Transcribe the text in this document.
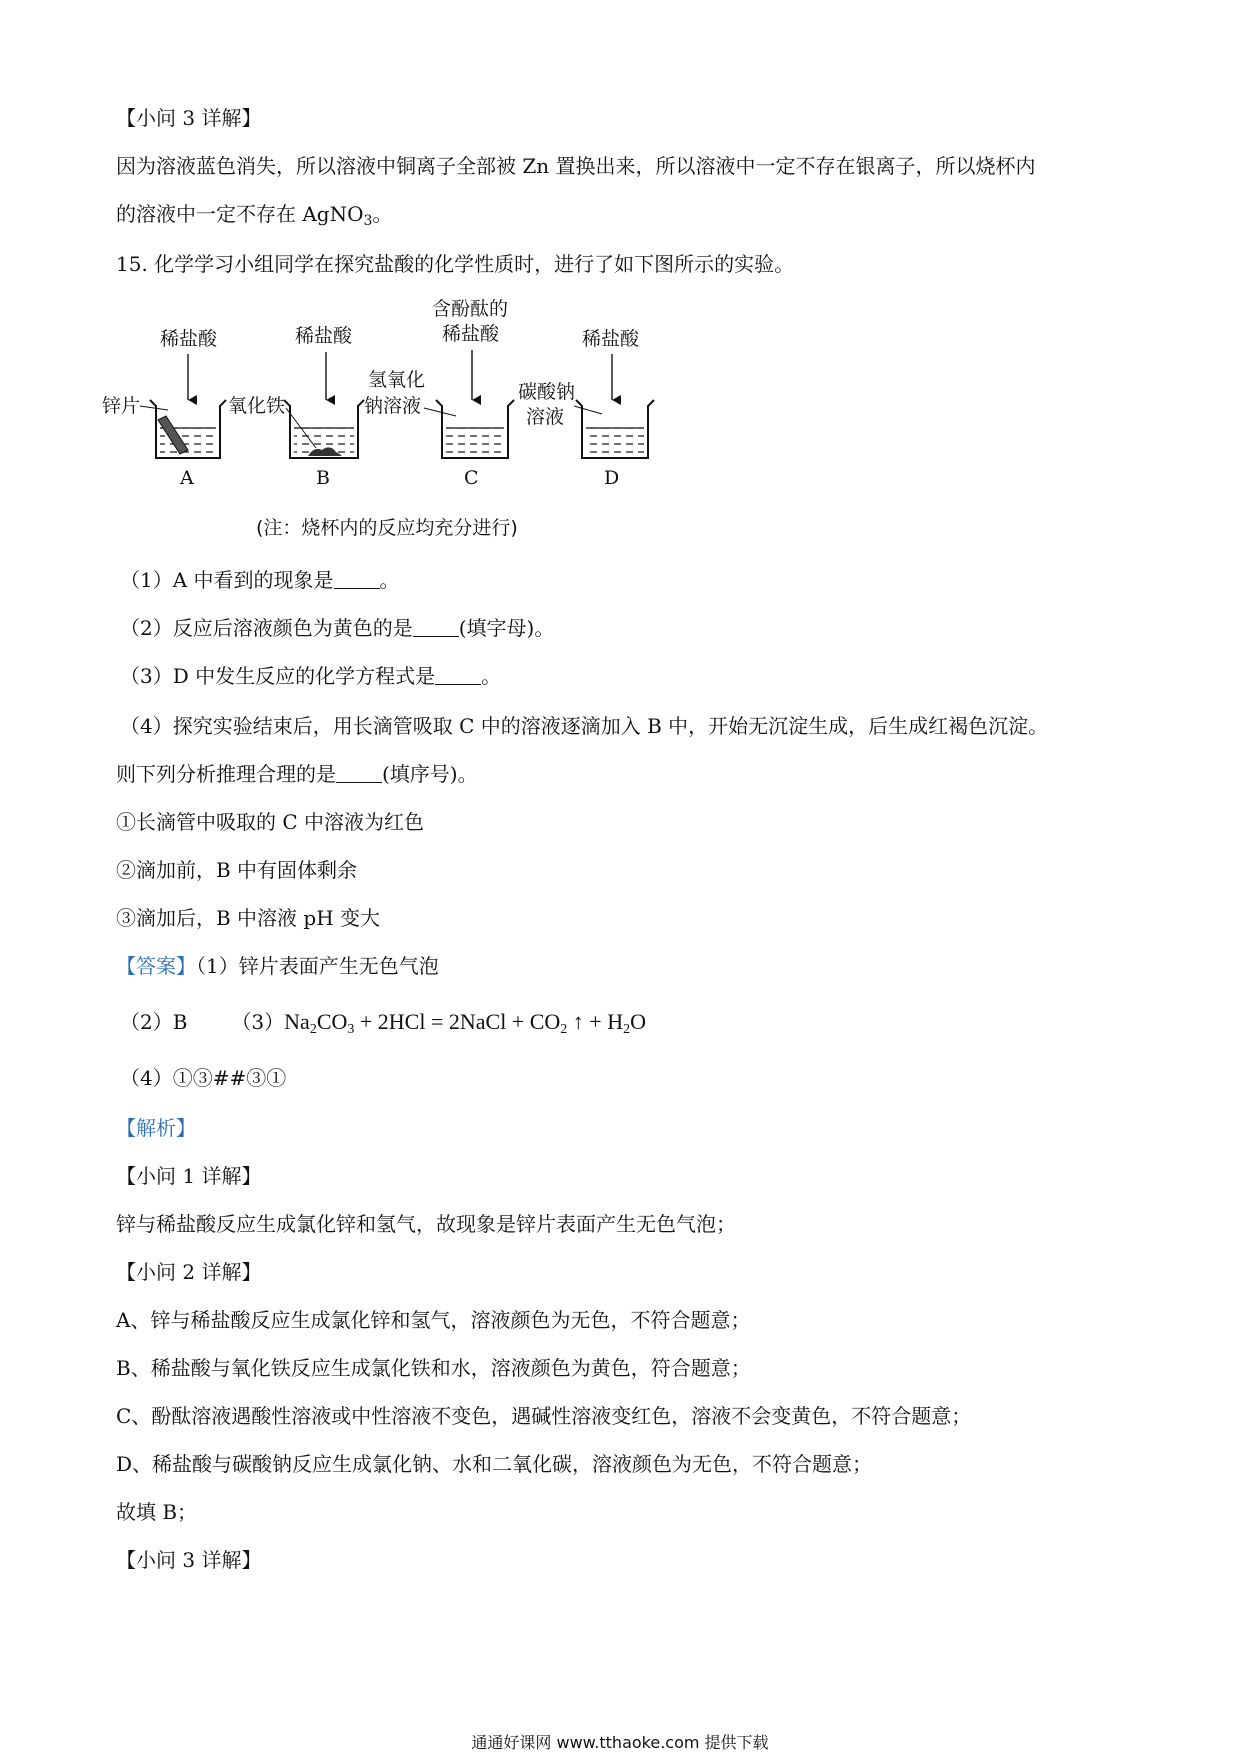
【小问 3 详解】
因为溶液蓝色消失，所以溶液中铜离子全部被 Zn 置换出来，所以溶液中一定不存在银离子，所以烧杯内
的溶液中一定不存在 AgNO$_3$。
15. 化学学习小组同学在探究盐酸的化学性质时，进行了如下图所示的实验。
稀盐酸	稀盐酸
含酚酞的
稀盐酸	稀盐酸
锌片	氧化铁
氢氧化
钠溶液
碳酸钠
溶液
A	B	C	D
(注：烧杯内的反应均充分进行)
（1）A 中看到的现象是 。
（2）反应后溶液颜色为黄色的是 (填字母)。
（3）D 中发生反应的化学方程式是 。
（4）探究实验结束后，用长滴管吸取 C 中的溶液逐滴加入 B 中，开始无沉淀生成，后生成红褐色沉淀。
则下列分析推理合理的是 (填序号)。
①长滴管中吸取的 C 中溶液为红色
②滴加前，B 中有固体剩余
③滴加后，B 中溶液 pH 变大
【答案】（1）锌片表面产生无色气泡
（2）B $(3)Na_2CO_3 + 2HCl$ = 2NaCl + $CO_2$ ↑ + $H_2O$
（4）①③##③①
【解析】
【小问 1 详解】
锌与稀盐酸反应生成氯化锌和氢气，故现象是锌片表面产生无色气泡；
【小问 2 详解】
A、锌与稀盐酸反应生成氯化锌和氢气，溶液颜色为无色，不符合题意；
B、稀盐酸与氧化铁反应生成氯化铁和水，溶液颜色为黄色，符合题意；
C、酚酞溶液遇酸性溶液或中性溶液不变色，遇碱性溶液变红色，溶液不会变黄色，不符合题意；
D、稀盐酸与碳酸钠反应生成氯化钠、水和二氧化碳，溶液颜色为无色，不符合题意；
故填 B；
【小问 3 详解】
通通好课网 www.tthaoke.com 提供下载
